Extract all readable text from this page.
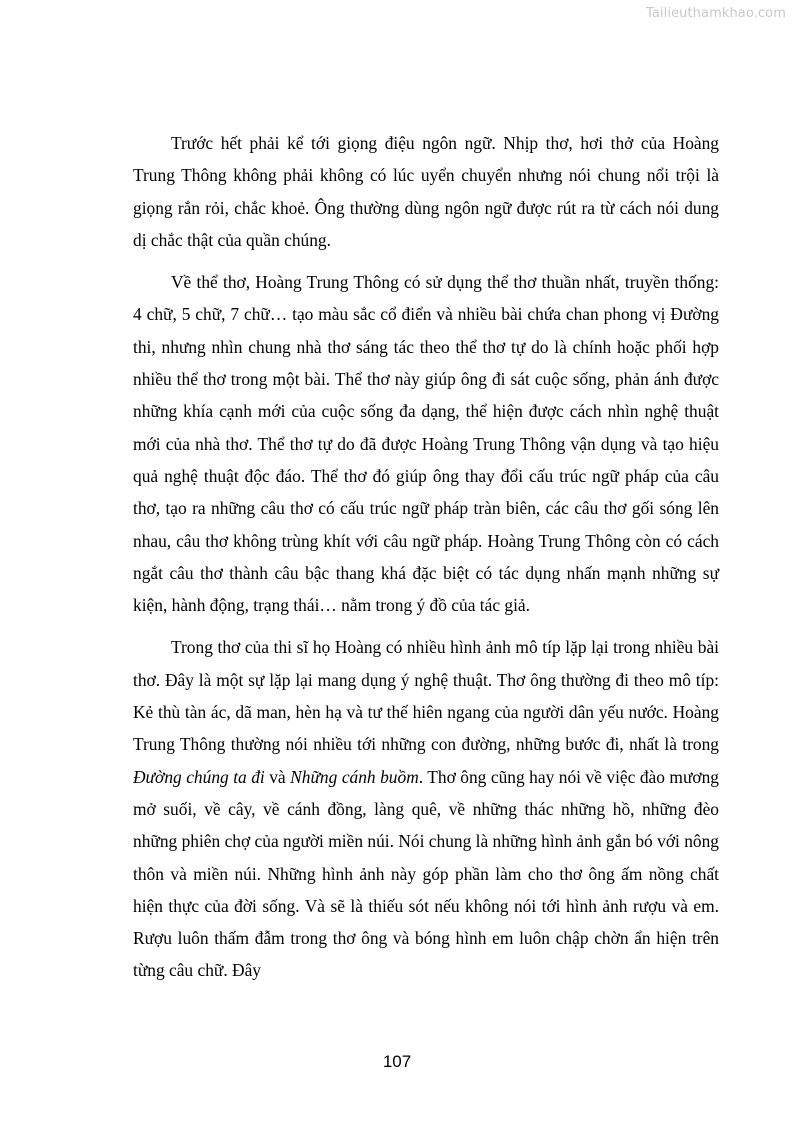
Tailieuthamkhao.com

Trước hết phải kể tới giọng điệu ngôn ngữ. Nhịp thơ, hơi thở của Hoàng Trung Thông không phải không có lúc uyển chuyển nhưng nói chung nổi trội là giọng rắn rỏi, chắc khoẻ. Ông thường dùng ngôn ngữ được rút ra từ cách nói dung dị chắc thật của quần chúng.

Về thể thơ, Hoàng Trung Thông có sử dụng thể thơ thuần nhất, truyền thống: 4 chữ, 5 chữ, 7 chữ… tạo màu sắc cổ điển và nhiều bài chứa chan phong vị Đường thi, nhưng nhìn chung nhà thơ sáng tác theo thể thơ tự do là chính hoặc phối hợp nhiều thể thơ trong một bài. Thể thơ này giúp ông đi sát cuộc sống, phản ánh được những khía cạnh mới của cuộc sống đa dạng, thể hiện được cách nhìn nghệ thuật mới của nhà thơ. Thể thơ tự do đã được Hoàng Trung Thông vận dụng và tạo hiệu quả nghệ thuật độc đáo. Thể thơ đó giúp ông thay đổi cấu trúc ngữ pháp của câu thơ, tạo ra những câu thơ có cấu trúc ngữ pháp tràn biên, các câu thơ gối sóng lên nhau, câu thơ không trùng khít với câu ngữ pháp. Hoàng Trung Thông còn có cách ngắt câu thơ thành câu bậc thang khá đặc biệt có tác dụng nhấn mạnh những sự kiện, hành động, trạng thái… nằm trong ý đồ của tác giả.

Trong thơ của thi sĩ họ Hoàng có nhiều hình ảnh mô típ lặp lại trong nhiều bài thơ. Đây là một sự lặp lại mang dụng ý nghệ thuật. Thơ ông thường đi theo mô típ: Kẻ thù tàn ác, dã man, hèn hạ và tư thế hiên ngang của người dân yếu nước. Hoàng Trung Thông thường nói nhiều tới những con đường, những bước đi, nhất là trong Đường chúng ta đi và Những cánh buồm. Thơ ông cũng hay nói về việc đào mương mở suối, về cây, về cánh đồng, làng quê, về những thác những hồ, những đèo những phiên chợ của người miền núi. Nói chung là những hình ảnh gắn bó với nông thôn và miền núi. Những hình ảnh này góp phần làm cho thơ ông ấm nồng chất hiện thực của đời sống. Và sẽ là thiếu sót nếu không nói tới hình ảnh rượu và em. Rượu luôn thấm đẫm trong thơ ông và bóng hình em luôn chập chờn ẩn hiện trên từng câu chữ. Đây

107
